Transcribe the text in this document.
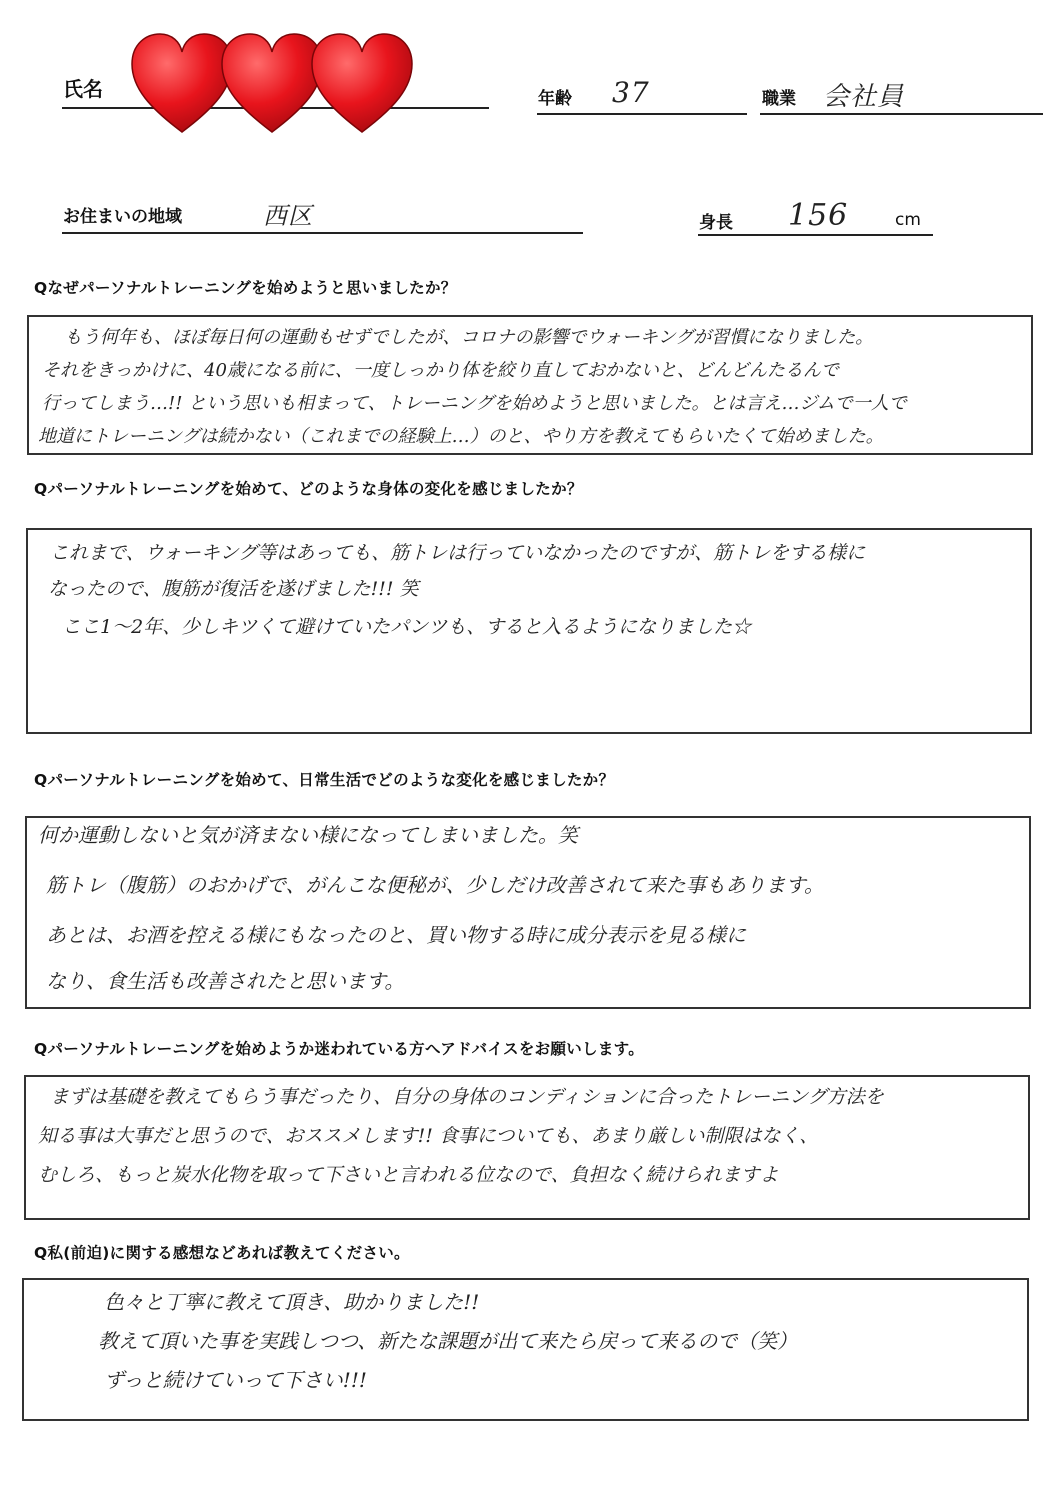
氏名	年齢 37	職業 会社員
お住まいの地域	西区	身長 156	cm
Qなぜパーソナルトレーニングを始めようと思いましたか？
もう何年も、ほぼ毎日何の運動もせずでしたが、コロナの影響でウォーキングが習慣になりました。
それをきっかけに、40歳になる前に、一度しっかり体を絞り直しておかないと、どんどんたるんで
行ってしまう…!! という思いも相まって、トレーニングを始めようと思いました。とは言え…ジムで一人で
地道にトレーニングは続かない（これまでの経験上…）のと、やり方を教えてもらいたくて始めました。
Qパーソナルトレーニングを始めて、どのような身体の変化を感じましたか？
これまで、ウォーキング等はあっても、筋トレは行っていなかったのですが、筋トレをする様に
なったので、腹筋が復活を遂げました!!! 笑
ここ1〜2年、少しキツくて避けていたパンツも、すると入るようになりました☆
Qパーソナルトレーニングを始めて、日常生活でどのような変化を感じましたか？
何か運動しないと気が済まない様になってしまいました。笑
筋トレ（腹筋）のおかげで、がんこな便秘が、少しだけ改善されて来た事もあります。
あとは、お酒を控える様にもなったのと、買い物する時に成分表示を見る様に
なり、食生活も改善されたと思います。
Qパーソナルトレーニングを始めようか迷われている方へアドバイスをお願いします。
まずは基礎を教えてもらう事だったり、自分の身体のコンディションに合ったトレーニング方法を
知る事は大事だと思うので、おススメします!! 食事についても、あまり厳しい制限はなく、
むしろ、もっと炭水化物を取って下さいと言われる位なので、負担なく続けられますよ
Q私(前迫)に関する感想などあれば教えてください。
色々と丁寧に教えて頂き、助かりました!!
教えて頂いた事を実践しつつ、新たな課題が出て来たら戻って来るので（笑）
ずっと続けていって下さい!!!
